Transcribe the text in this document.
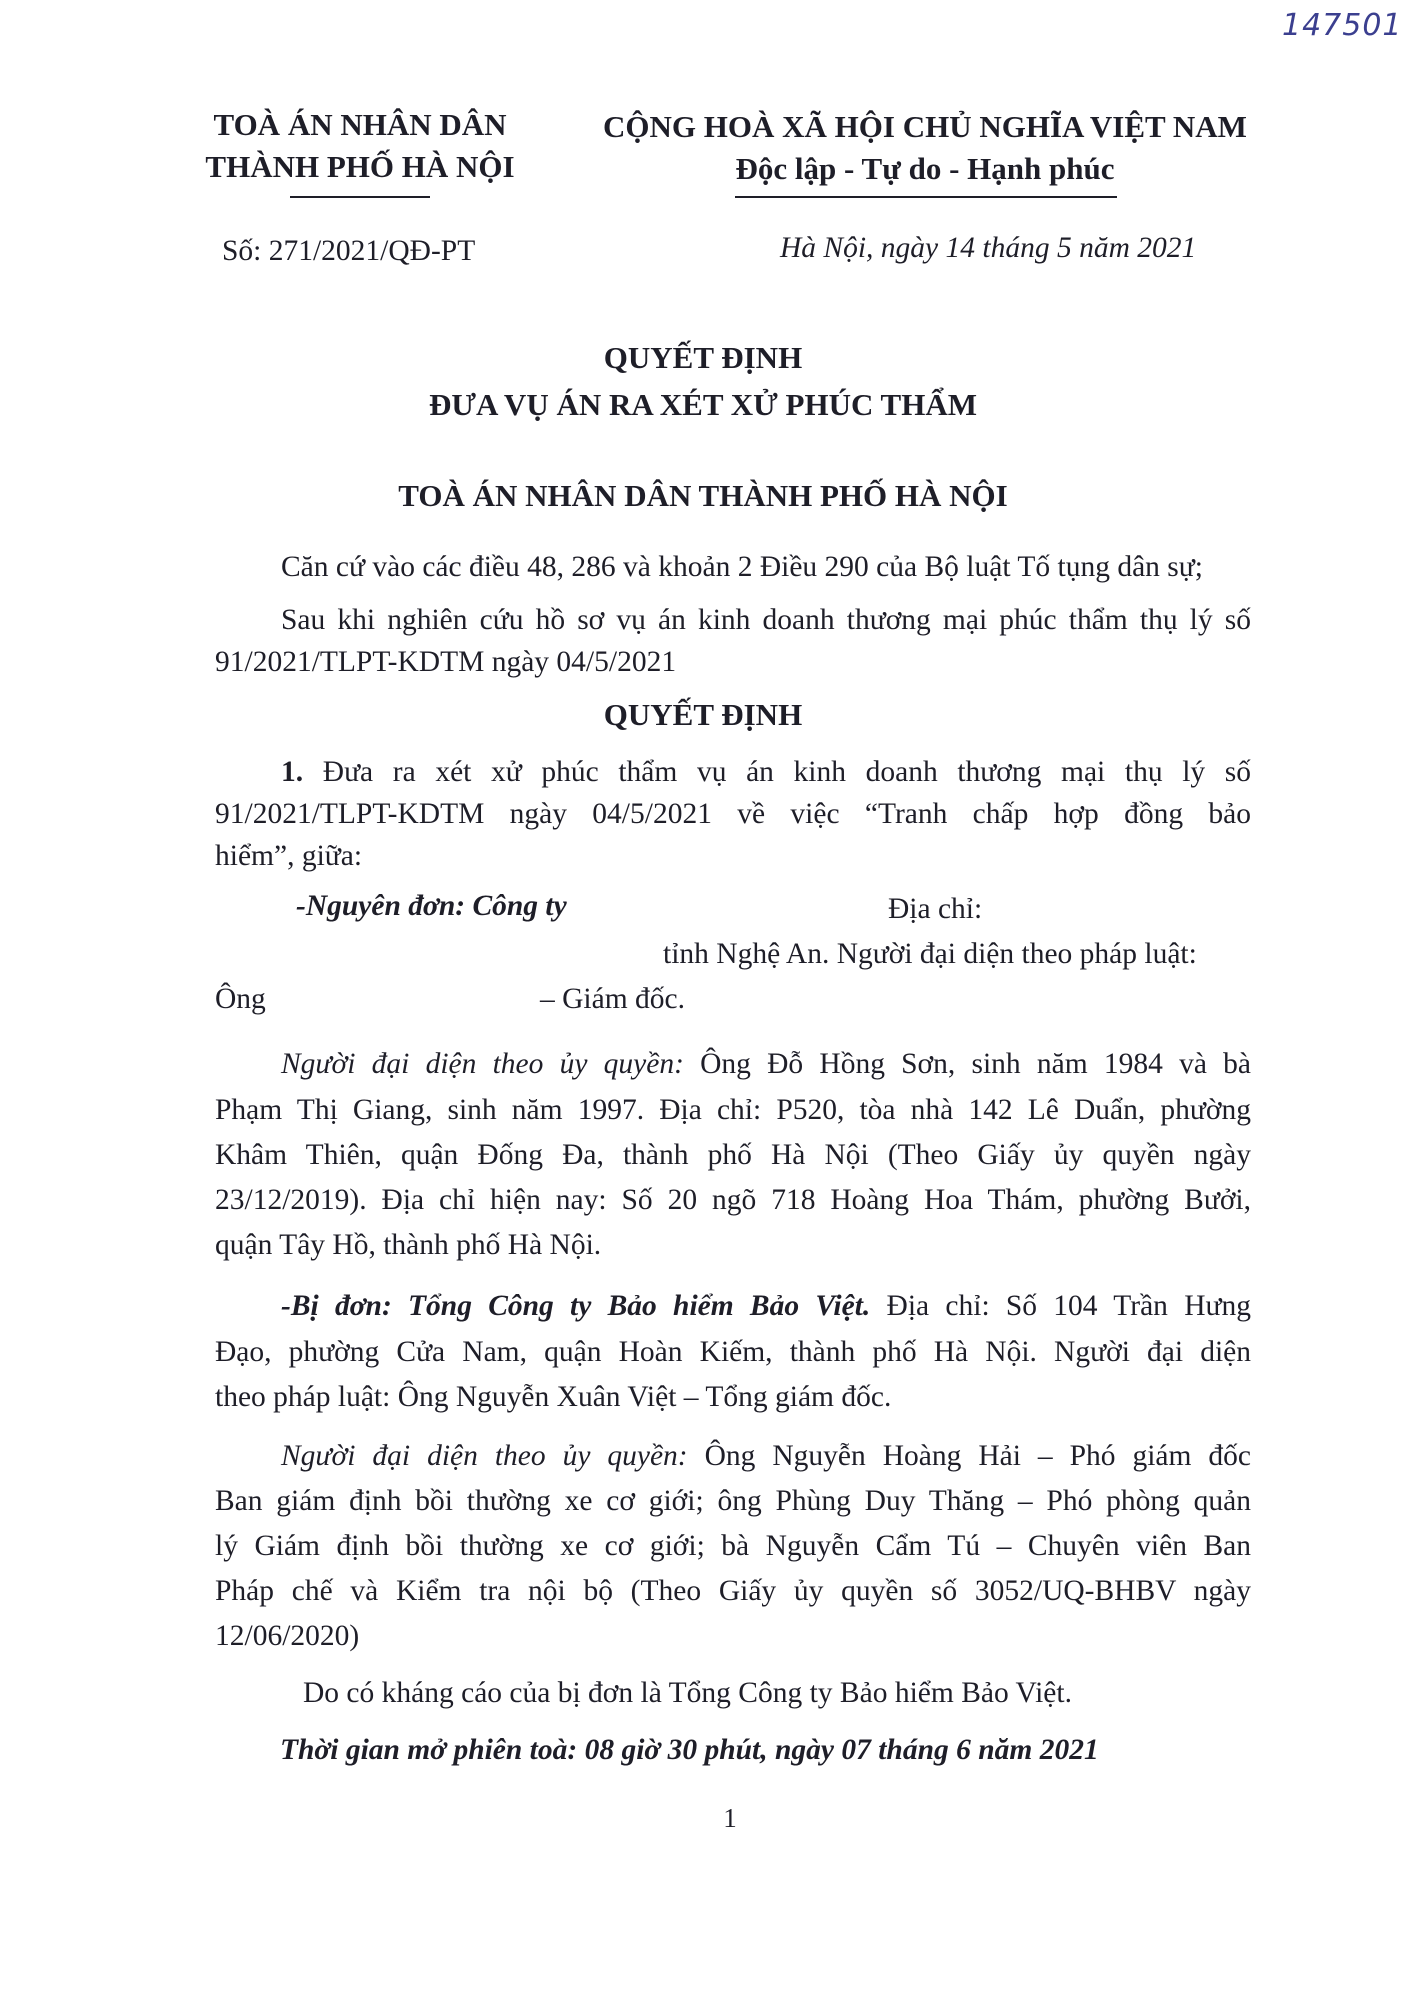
147501
TOÀ ÁN NHÂN DÂN
THÀNH PHỐ HÀ NỘI
CỘNG HOÀ XÃ HỘI CHỦ NGHĨA VIỆT NAM
Độc lập - Tự do - Hạnh phúc
Số: 271/2021/QĐ-PT	Hà Nội, ngày 14 tháng 5 năm 2021
QUYẾT ĐỊNH
ĐƯA VỤ ÁN RA XÉT XỬ PHÚC THẨM
TOÀ ÁN NHÂN DÂN THÀNH PHỐ HÀ NỘI
Căn cứ vào các điều 48, 286 và khoản 2 Điều 290 của Bộ luật Tố tụng dân sự;
Sau khi nghiên cứu hồ sơ vụ án kinh doanh thương mại phúc thẩm thụ lý số
91/2021/TLPT-KDTM ngày 04/5/2021
QUYẾT ĐỊNH
1. Đưa ra xét xử phúc thẩm vụ án kinh doanh thương mại thụ lý số
91/2021/TLPT-KDTM ngày 04/5/2021 về việc “Tranh chấp hợp đồng bảo
hiểm”, giữa:
-Nguyên đơn: Công ty	Địa chỉ:
tỉnh Nghệ An. Người đại diện theo pháp luật:
Ông	– Giám đốc.
Người đại diện theo ủy quyền: Ông Đỗ Hồng Sơn, sinh năm 1984 và bà
Phạm Thị Giang, sinh năm 1997. Địa chỉ: P520, tòa nhà 142 Lê Duẩn, phường
Khâm Thiên, quận Đống Đa, thành phố Hà Nội (Theo Giấy ủy quyền ngày
23/12/2019). Địa chỉ hiện nay: Số 20 ngõ 718 Hoàng Hoa Thám, phường Bưởi,
quận Tây Hồ, thành phố Hà Nội.
-Bị đơn: Tổng Công ty Bảo hiểm Bảo Việt. Địa chỉ: Số 104 Trần Hưng
Đạo, phường Cửa Nam, quận Hoàn Kiếm, thành phố Hà Nội. Người đại diện
theo pháp luật: Ông Nguyễn Xuân Việt – Tổng giám đốc.
Người đại diện theo ủy quyền: Ông Nguyễn Hoàng Hải – Phó giám đốc
Ban giám định bồi thường xe cơ giới; ông Phùng Duy Thăng – Phó phòng quản
lý Giám định bồi thường xe cơ giới; bà Nguyễn Cẩm Tú – Chuyên viên Ban
Pháp chế và Kiểm tra nội bộ (Theo Giấy ủy quyền số 3052/UQ-BHBV ngày
12/06/2020)
Do có kháng cáo của bị đơn là Tổng Công ty Bảo hiểm Bảo Việt.
Thời gian mở phiên toà: 08 giờ 30 phút, ngày 07 tháng 6 năm 2021
1
